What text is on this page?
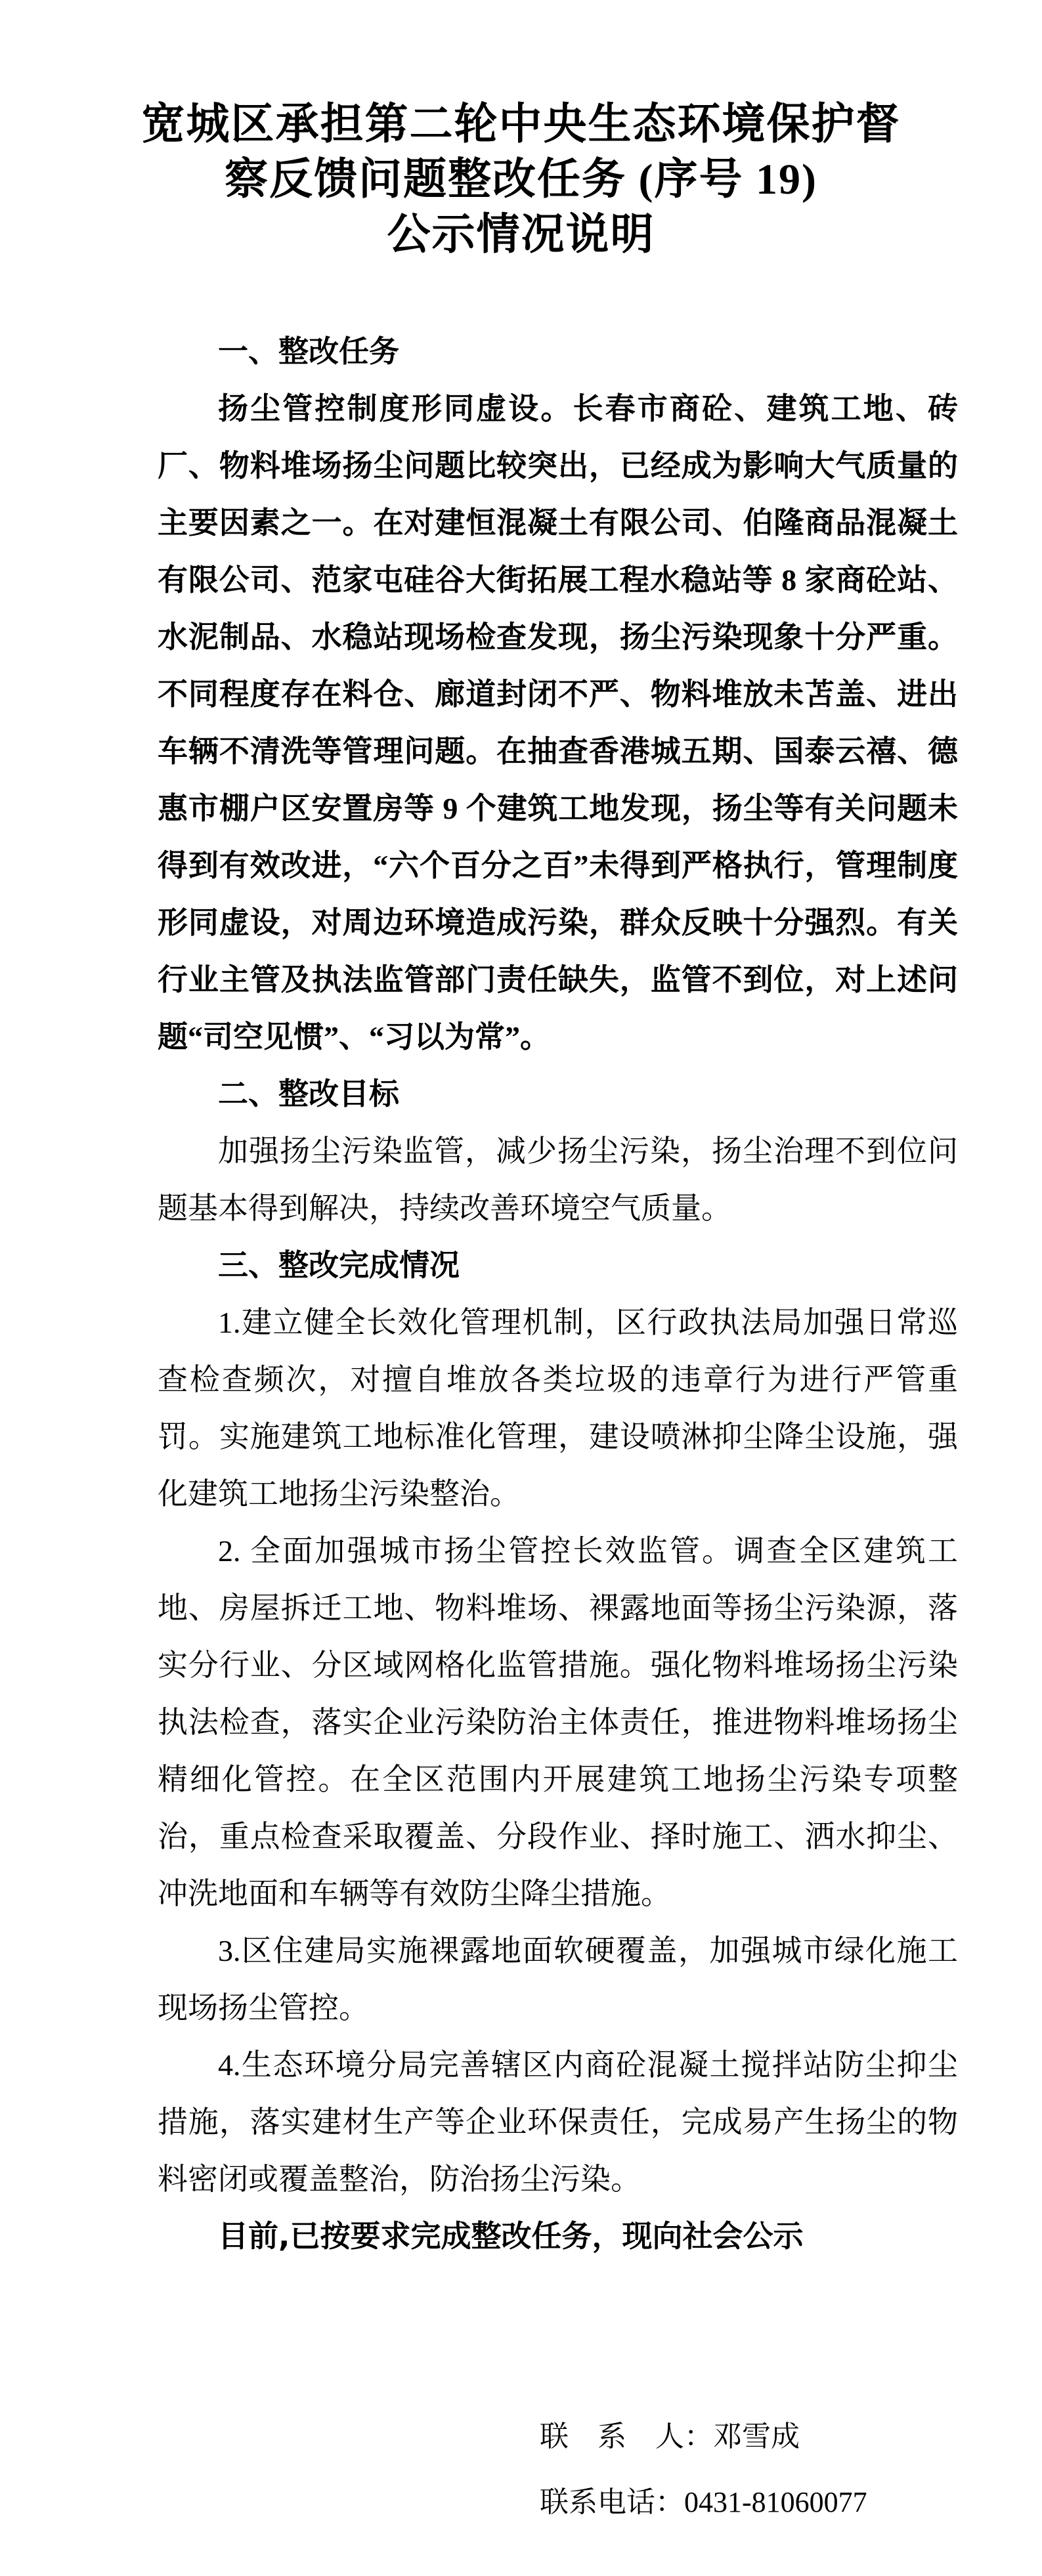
宽城区承担第二轮中央生态环境保护督
察反馈问题整改任务 (序号 19)
公示情况说明

一、整改任务

扬尘管控制度形同虚设。长春市商砼、建筑工地、砖厂、物料堆场扬尘问题比较突出，已经成为影响大气质量的主要因素之一。在对建恒混凝土有限公司、伯隆商品混凝土有限公司、范家屯硅谷大街拓展工程水稳站等 8 家商砼站、水泥制品、水稳站现场检查发现，扬尘污染现象十分严重。不同程度存在料仓、廊道封闭不严、物料堆放未苫盖、进出车辆不清洗等管理问题。在抽查香港城五期、国泰云禧、德惠市棚户区安置房等 9 个建筑工地发现，扬尘等有关问题未得到有效改进，“六个百分之百”未得到严格执行，管理制度形同虚设，对周边环境造成污染，群众反映十分强烈。有关行业主管及执法监管部门责任缺失，监管不到位，对上述问题“司空见惯”、“习以为常”。

二、整改目标

加强扬尘污染监管，减少扬尘污染，扬尘治理不到位问题基本得到解决，持续改善环境空气质量。

三、整改完成情况

1.建立健全长效化管理机制，区行政执法局加强日常巡查检查频次，对擅自堆放各类垃圾的违章行为进行严管重罚。实施建筑工地标准化管理，建设喷淋抑尘降尘设施，强化建筑工地扬尘污染整治。

2. 全面加强城市扬尘管控长效监管。调查全区建筑工地、房屋拆迁工地、物料堆场、裸露地面等扬尘污染源，落实分行业、分区域网格化监管措施。强化物料堆场扬尘污染执法检查，落实企业污染防治主体责任，推进物料堆场扬尘精细化管控。在全区范围内开展建筑工地扬尘污染专项整治，重点检查采取覆盖、分段作业、择时施工、洒水抑尘、冲洗地面和车辆等有效防尘降尘措施。

3.区住建局实施裸露地面软硬覆盖，加强城市绿化施工现场扬尘管控。

4.生态环境分局完善辖区内商砼混凝土搅拌站防尘抑尘措施，落实建材生产等企业环保责任，完成易产生扬尘的物料密闭或覆盖整治，防治扬尘污染。

目前,已按要求完成整改任务，现向社会公示

联　系　人：邓雪成
联系电话：0431-81060077
